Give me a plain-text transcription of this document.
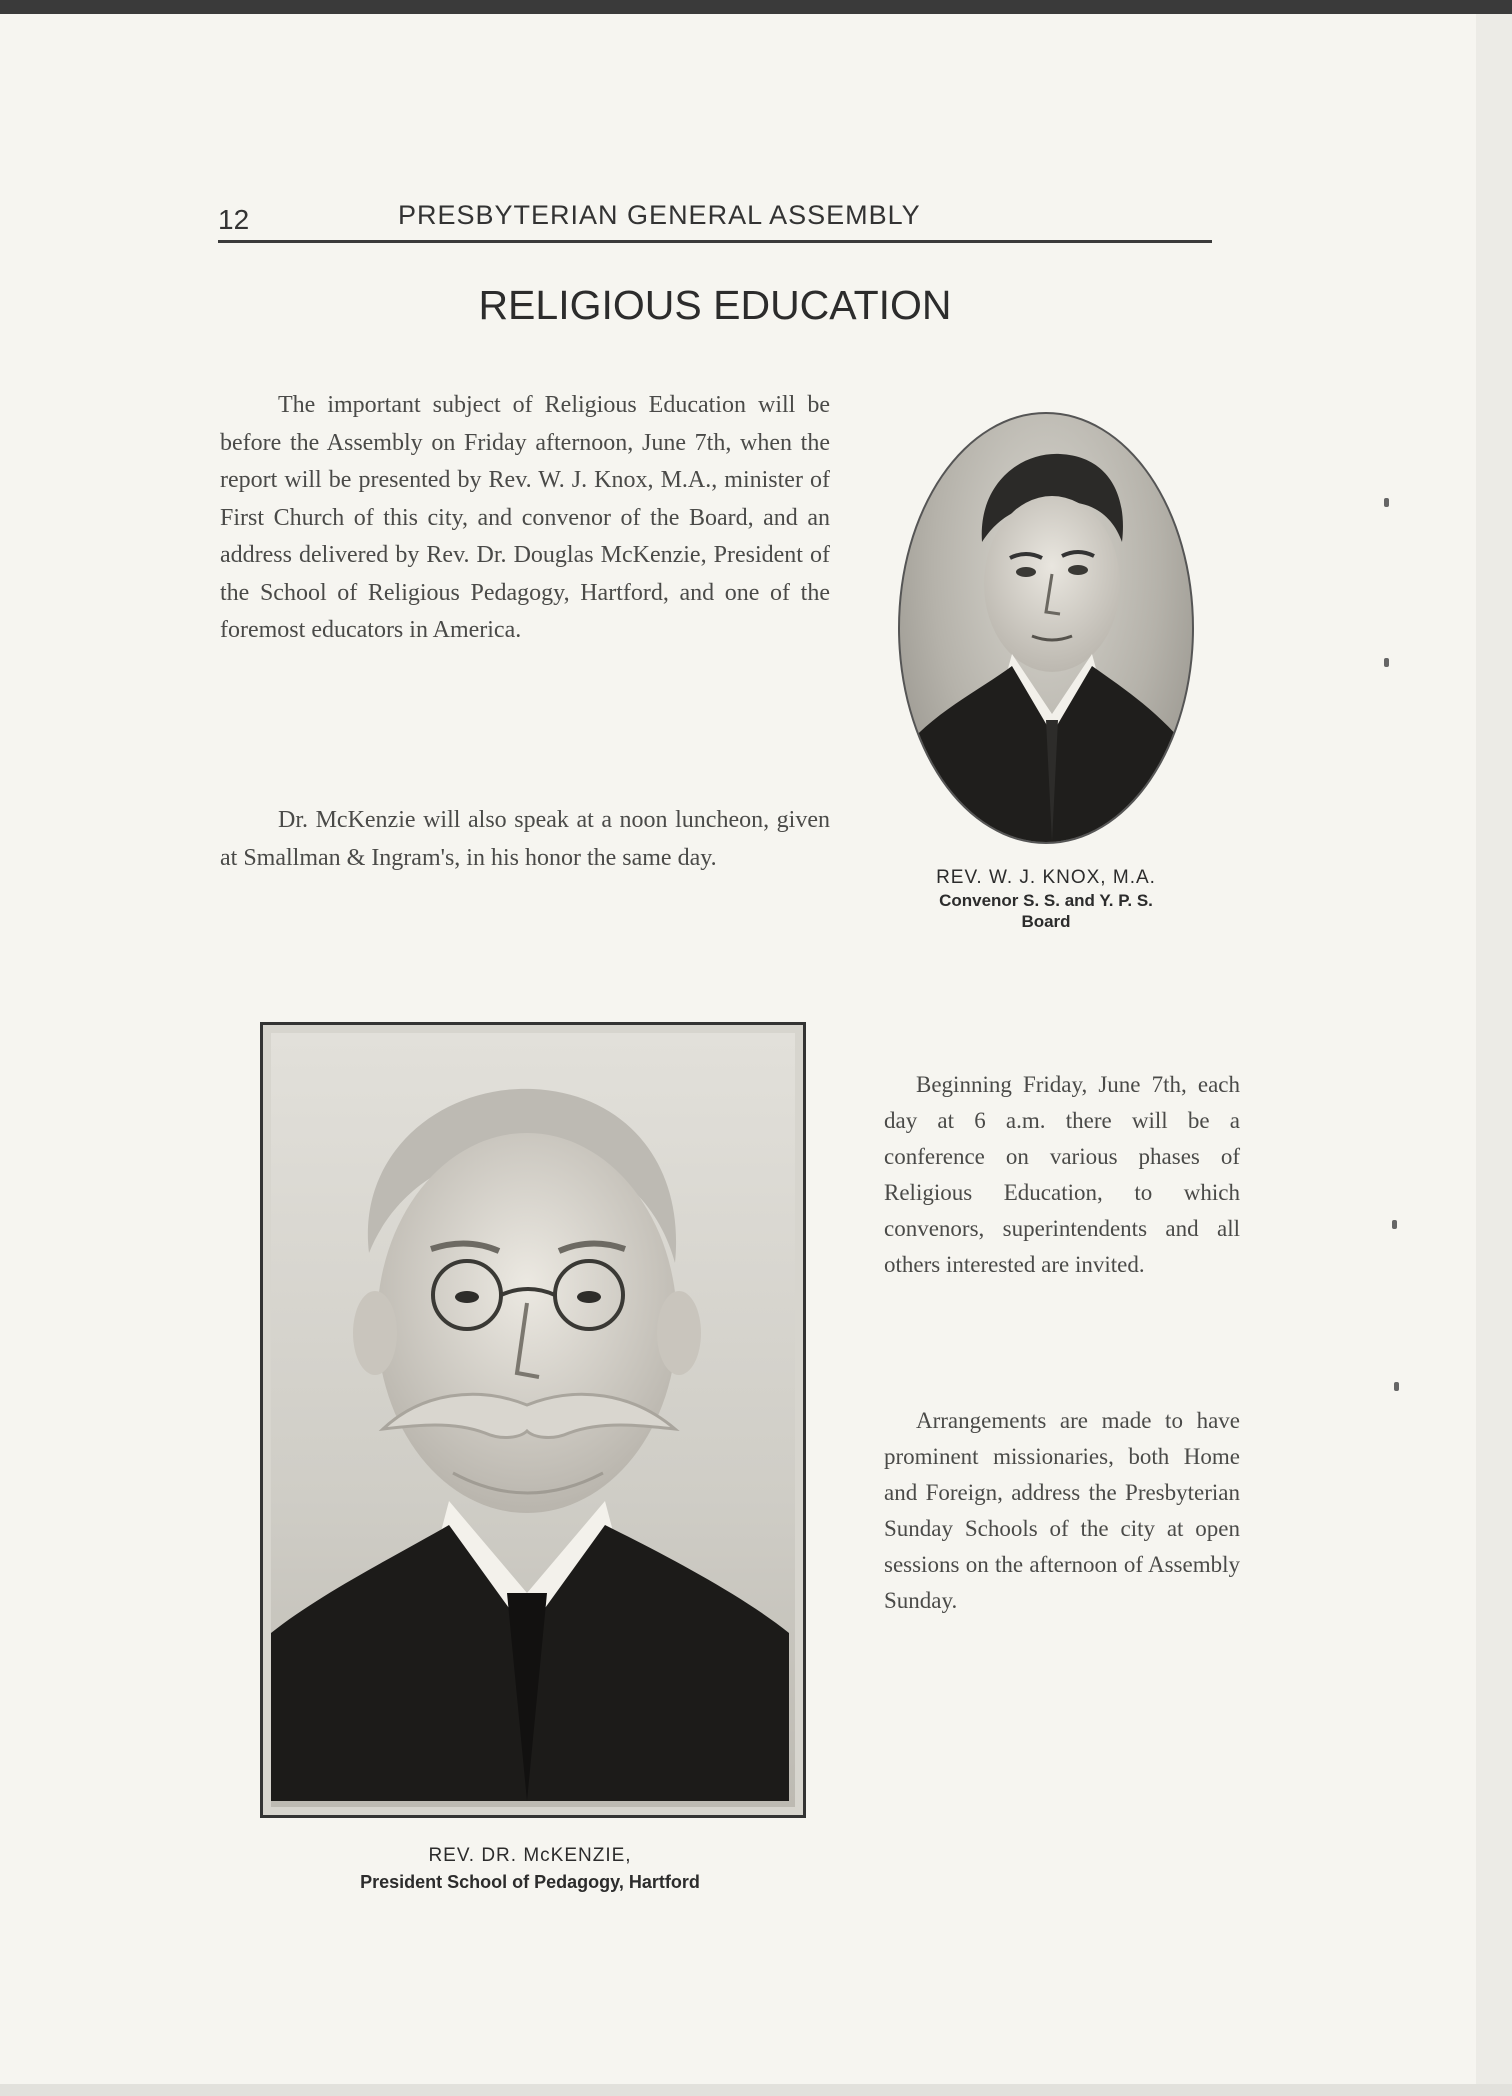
12	PRESBYTERIAN GENERAL ASSEMBLY
RELIGIOUS EDUCATION

The important subject of Religious Education will be before the Assembly on Friday afternoon, June 7th, when the report will be presented by Rev. W. J. Knox, M.A., minister of First Church of this city, and convenor of the Board, and an address delivered by Rev. Dr. Douglas McKenzie, President of the School of Religious Pedagogy, Hartford, and one of the foremost educators in America.

Dr. McKenzie will also speak at a noon luncheon, given at Smallman & Ingram's, in his honor the same day.

REV. W. J. KNOX, M.A.
Convenor S. S. and Y. P. S.
Board
REV. DR. McKENZIE,
President School of Pedagogy, Hartford

Beginning Friday, June 7th, each day at 6 a.m. there will be a conference on various phases of Religious Education, to which convenors, superintendents and all others interested are invited.

Arrangements are made to have prominent missionaries, both Home and Foreign, address the Presbyterian Sunday Schools of the city at open sessions on the afternoon of Assembly Sunday.
